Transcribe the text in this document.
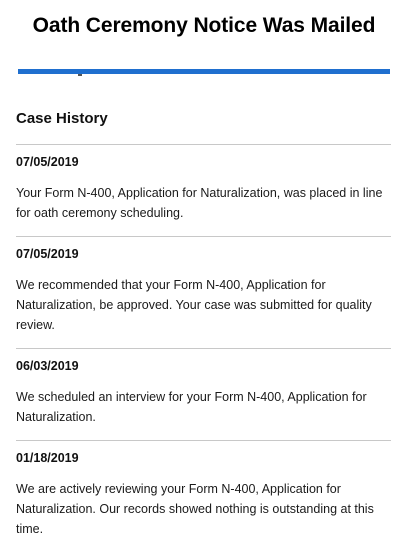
Oath Ceremony Notice Was Mailed
Case History
07/05/2019
Your Form N-400, Application for Naturalization, was placed in line for oath ceremony scheduling.
07/05/2019
We recommended that your Form N-400, Application for Naturalization, be approved. Your case was submitted for quality review.
06/03/2019
We scheduled an interview for your Form N-400, Application for Naturalization.
01/18/2019
We are actively reviewing your Form N-400, Application for Naturalization. Our records showed nothing is outstanding at this time.
